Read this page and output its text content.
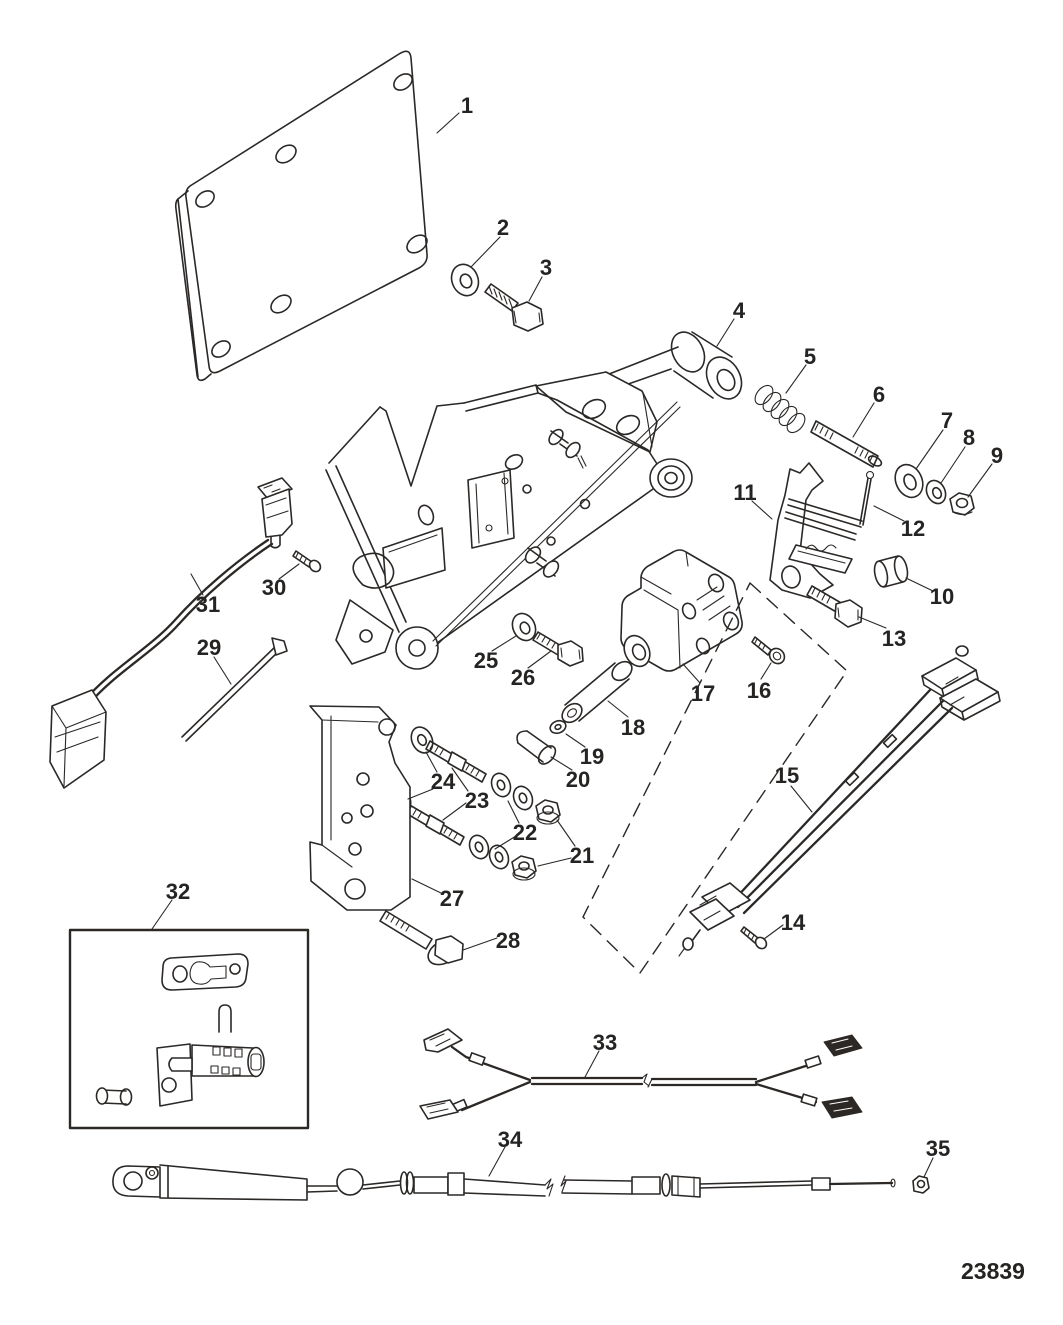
1
2
3
4
5
6
7
8
9
10
11
12
13
14
15
16
17
18
19
20
21
22
23
24
25
26
27
28
29
30
31
32
33
34	35
23839
